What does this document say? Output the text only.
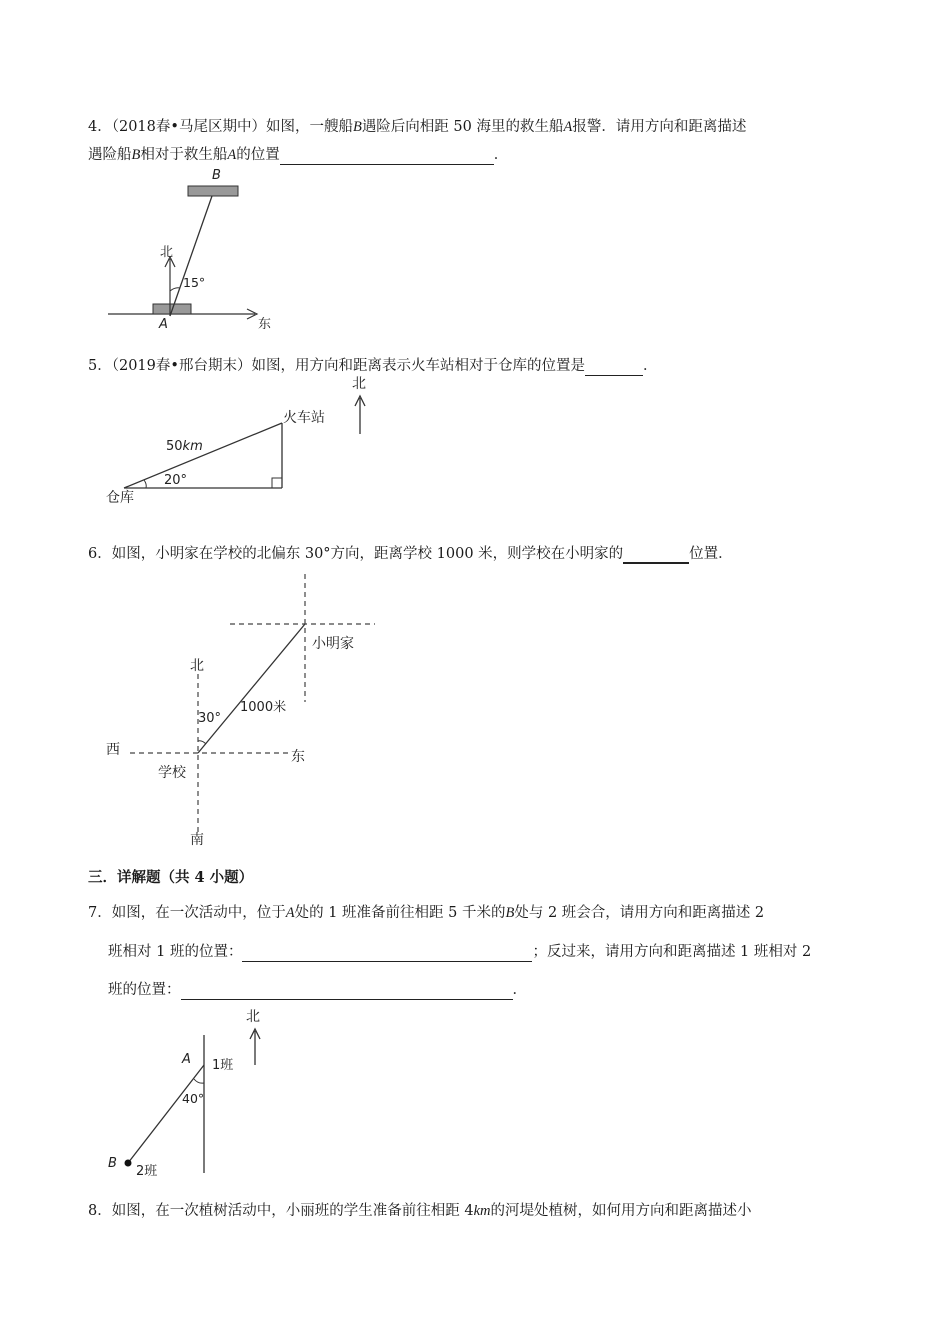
4．（2018春•马尾区期中）如图，一艘船B遇险后向相距 50 海里的救生船A报警．请用方向和距离描述
遇险船B相对于救生船A的位置	．
B
北
15°
A	东
5．（2019春•邢台期末）如图，用方向和距离表示火车站相对于仓库的位置是	．
北
火车站
50km
20°
仓库
6．如图，小明家在学校的北偏东 30°方向，距离学校 1000 米，则学校在小明家的	位置．
小明家
北
30°
1000米
西	东
学校
南
三．详解题（共 4 小题）
7．如图，在一次活动中，位于A处的 1 班准备前往相距 5 千米的B处与 2 班会合，请用方向和距离描述 2
班相对 1 班的位置：	；反过来，请用方向和距离描述 1 班相对 2
班的位置：	．
北
A 1班
40°
B
2班
8．如图，在一次植树活动中，小丽班的学生准备前往相距 4km的河堤处植树，如何用方向和距离描述小
